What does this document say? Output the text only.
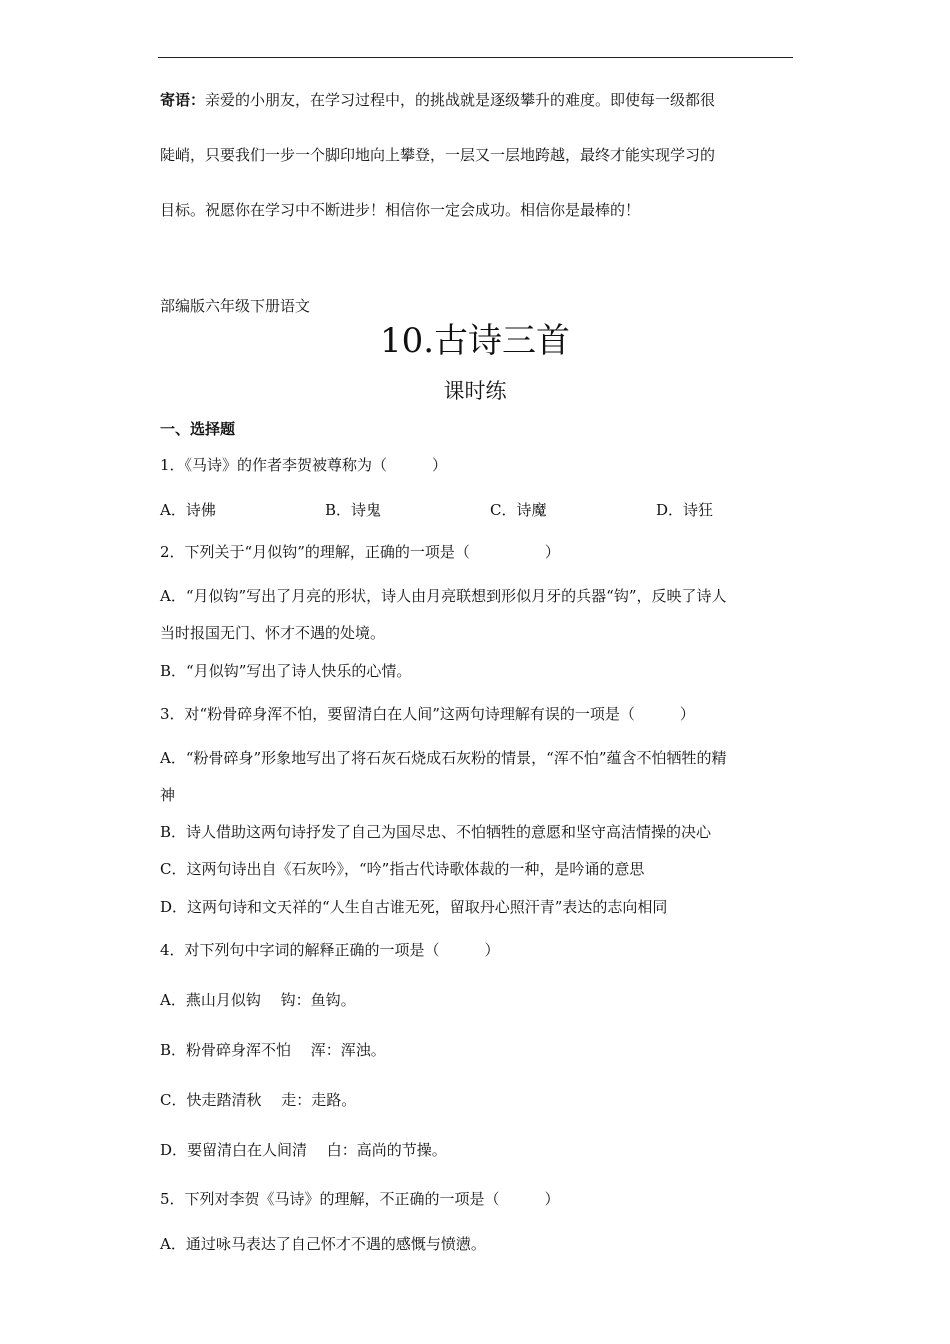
寄语：亲爱的小朋友，在学习过程中，的挑战就是逐级攀升的难度。即使每一级都很
陡峭，只要我们一步一个脚印地向上攀登，一层又一层地跨越，最终才能实现学习的
目标。祝愿你在学习中不断进步！相信你一定会成功。相信你是最棒的！
部编版六年级下册语文
10.古诗三首
课时练
一、选择题
1．《马诗》的作者李贺被尊称为（　　　）
A．诗佛	B．诗鬼	C．诗魔	D．诗狂
2．下列关于“月似钩”的理解，正确的一项是（　　　　　）
A．“月似钩”写出了月亮的形状，诗人由月亮联想到形似月牙的兵器“钩”，反映了诗人
当时报国无门、怀才不遇的处境。
B．“月似钩”写出了诗人快乐的心情。
3．对“粉骨碎身浑不怕，要留清白在人间”这两句诗理解有误的一项是（　　　）
A．“粉骨碎身”形象地写出了将石灰石烧成石灰粉的情景，“浑不怕”蕴含不怕牺牲的精
神
B．诗人借助这两句诗抒发了自己为国尽忠、不怕牺牲的意愿和坚守高洁情操的决心
C．这两句诗出自《石灰吟》，“吟”指古代诗歌体裁的一种，是吟诵的意思
D．这两句诗和文天祥的“人生自古谁无死，留取丹心照汗青”表达的志向相同
4．对下列句中字词的解释正确的一项是（　　　）
A．燕山月似钩　 钩：鱼钩。
B．粉骨碎身浑不怕　 浑：浑浊。
C．快走踏清秋　 走：走路。
D．要留清白在人间清　 白：高尚的节操。
5．下列对李贺《马诗》的理解，不正确的一项是（　　　）
A．通过咏马表达了自己怀才不遇的感慨与愤懑。
